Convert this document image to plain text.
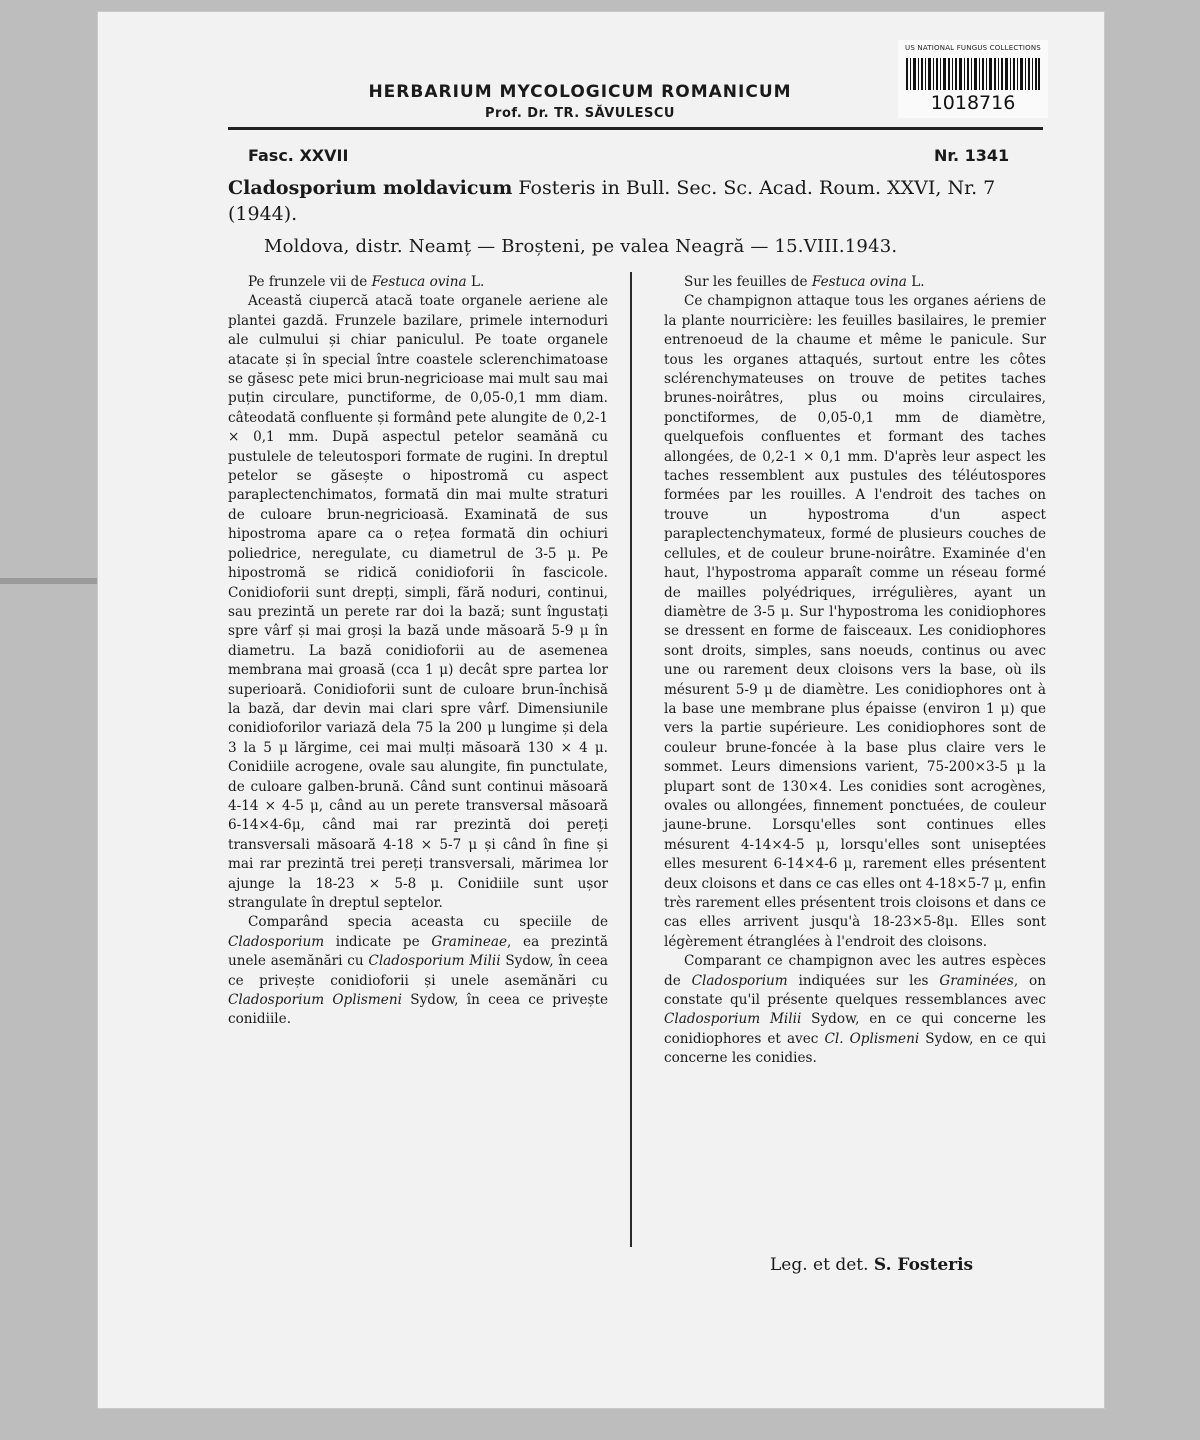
US NATIONAL FUNGUS COLLECTIONS
1018716
HERBARIUM MYCOLOGICUM ROMANICUM
Prof. Dr. TR. SĂVULESCU
Fasc. XXVII	Nr. 1341
Cladosporium moldavicum Fosteris in Bull. Sec. Sc. Acad. Roum. XXVI, Nr. 7 (1944).
Moldova, distr. Neamț — Broșteni, pe valea Neagră — 15.VIII.1943.

Pe frunzele vii de Festuca ovina L.

Această ciupercă atacă toate organele aeriene ale plantei gazdă. Frunzele bazilare, primele internoduri ale culmului și chiar paniculul. Pe toate organele atacate și în special între coastele sclerenchimatoase se găsesc pete mici brun-negricioase mai mult sau mai puțin circulare, punctiforme, de 0,05-0,1 mm diam. câteodată confluente și formând pete alungite de 0,2-1 × 0,1 mm. După aspectul petelor seamănă cu pustulele de teleutospori formate de rugini. In dreptul petelor se găsește o hipostromă cu aspect paraplectenchimatos, formată din mai multe straturi de culoare brun-negricioasă. Examinată de sus hipostroma apare ca o rețea formată din ochiuri poliedrice, neregulate, cu diametrul de 3-5 μ. Pe hipostromă se ridică conidioforii în fascicole. Conidioforii sunt drepți, simpli, fără noduri, continui, sau prezintă un perete rar doi la bază; sunt îngustați spre vârf și mai groși la bază unde măsoară 5-9 μ în diametru. La bază conidioforii au de asemenea membrana mai groasă (cca 1 μ) decât spre partea lor superioară. Conidioforii sunt de culoare brun-închisă la bază, dar devin mai clari spre vârf. Dimensiunile conidioforilor variază dela 75 la 200 μ lungime și dela 3 la 5 μ lărgime, cei mai mulți măsoară 130 × 4 μ. Conidiile acrogene, ovale sau alungite, fin punctulate, de culoare galben-brună. Când sunt continui măsoară 4-14 × 4-5 μ, când au un perete transversal măsoară 6-14×4-6μ, când mai rar prezintă doi pereți transversali măsoară 4-18 × 5-7 μ și când în fine și mai rar prezintă trei pereți transversali, mărimea lor ajunge la 18-23 × 5-8 μ. Conidiile sunt ușor strangulate în dreptul septelor.

Comparând specia aceasta cu speciile de Cladosporium indicate pe Gramineae, ea prezintă unele asemănări cu Cladosporium Milii Sydow, în ceea ce privește conidioforii și unele asemănări cu Cladosporium Oplismeni Sydow, în ceea ce privește conidiile.

Sur les feuilles de Festuca ovina L.

Ce champignon attaque tous les organes aériens de la plante nourricière: les feuilles basilaires, le premier entrenoeud de la chaume et même le panicule. Sur tous les organes attaqués, surtout entre les côtes sclérenchymateuses on trouve de petites taches brunes-noirâtres, plus ou moins circulaires, ponctiformes, de 0,05-0,1 mm de diamètre, quelquefois confluentes et formant des taches allongées, de 0,2-1 × 0,1 mm. D'après leur aspect les taches ressemblent aux pustules des téléutospores formées par les rouilles. A l'endroit des taches on trouve un hypostroma d'un aspect paraplectenchymateux, formé de plusieurs couches de cellules, et de couleur brune-noirâtre. Examinée d'en haut, l'hypostroma apparaît comme un réseau formé de mailles polyédriques, irrégulières, ayant un diamètre de 3-5 μ. Sur l'hypostroma les conidiophores se dressent en forme de faisceaux. Les conidiophores sont droits, simples, sans noeuds, continus ou avec une ou rarement deux cloisons vers la base, où ils mésurent 5-9 μ de diamètre. Les conidiophores ont à la base une membrane plus épaisse (environ 1 μ) que vers la partie supérieure. Les conidiophores sont de couleur brune-foncée à la base plus claire vers le sommet. Leurs dimensions varient, 75-200×3-5 μ la plupart sont de 130×4. Les conidies sont acrogènes, ovales ou allongées, finnement ponctuées, de couleur jaune-brune. Lorsqu'elles sont continues elles mésurent 4-14×4-5 μ, lorsqu'elles sont uniseptées elles mesurent 6-14×4-6 μ, rarement elles présentent deux cloisons et dans ce cas elles ont 4-18×5-7 μ, enfin très rarement elles présentent trois cloisons et dans ce cas elles arrivent jusqu'à 18-23×5-8μ. Elles sont légèrement étranglées à l'endroit des cloisons.

Comparant ce champignon avec les autres espèces de Cladosporium indiquées sur les Graminées, on constate qu'il présente quelques ressemblances avec Cladosporium Milii Sydow, en ce qui concerne les conidiophores et avec Cl. Oplismeni Sydow, en ce qui concerne les conidies.

Leg. et det. S. Fosteris
